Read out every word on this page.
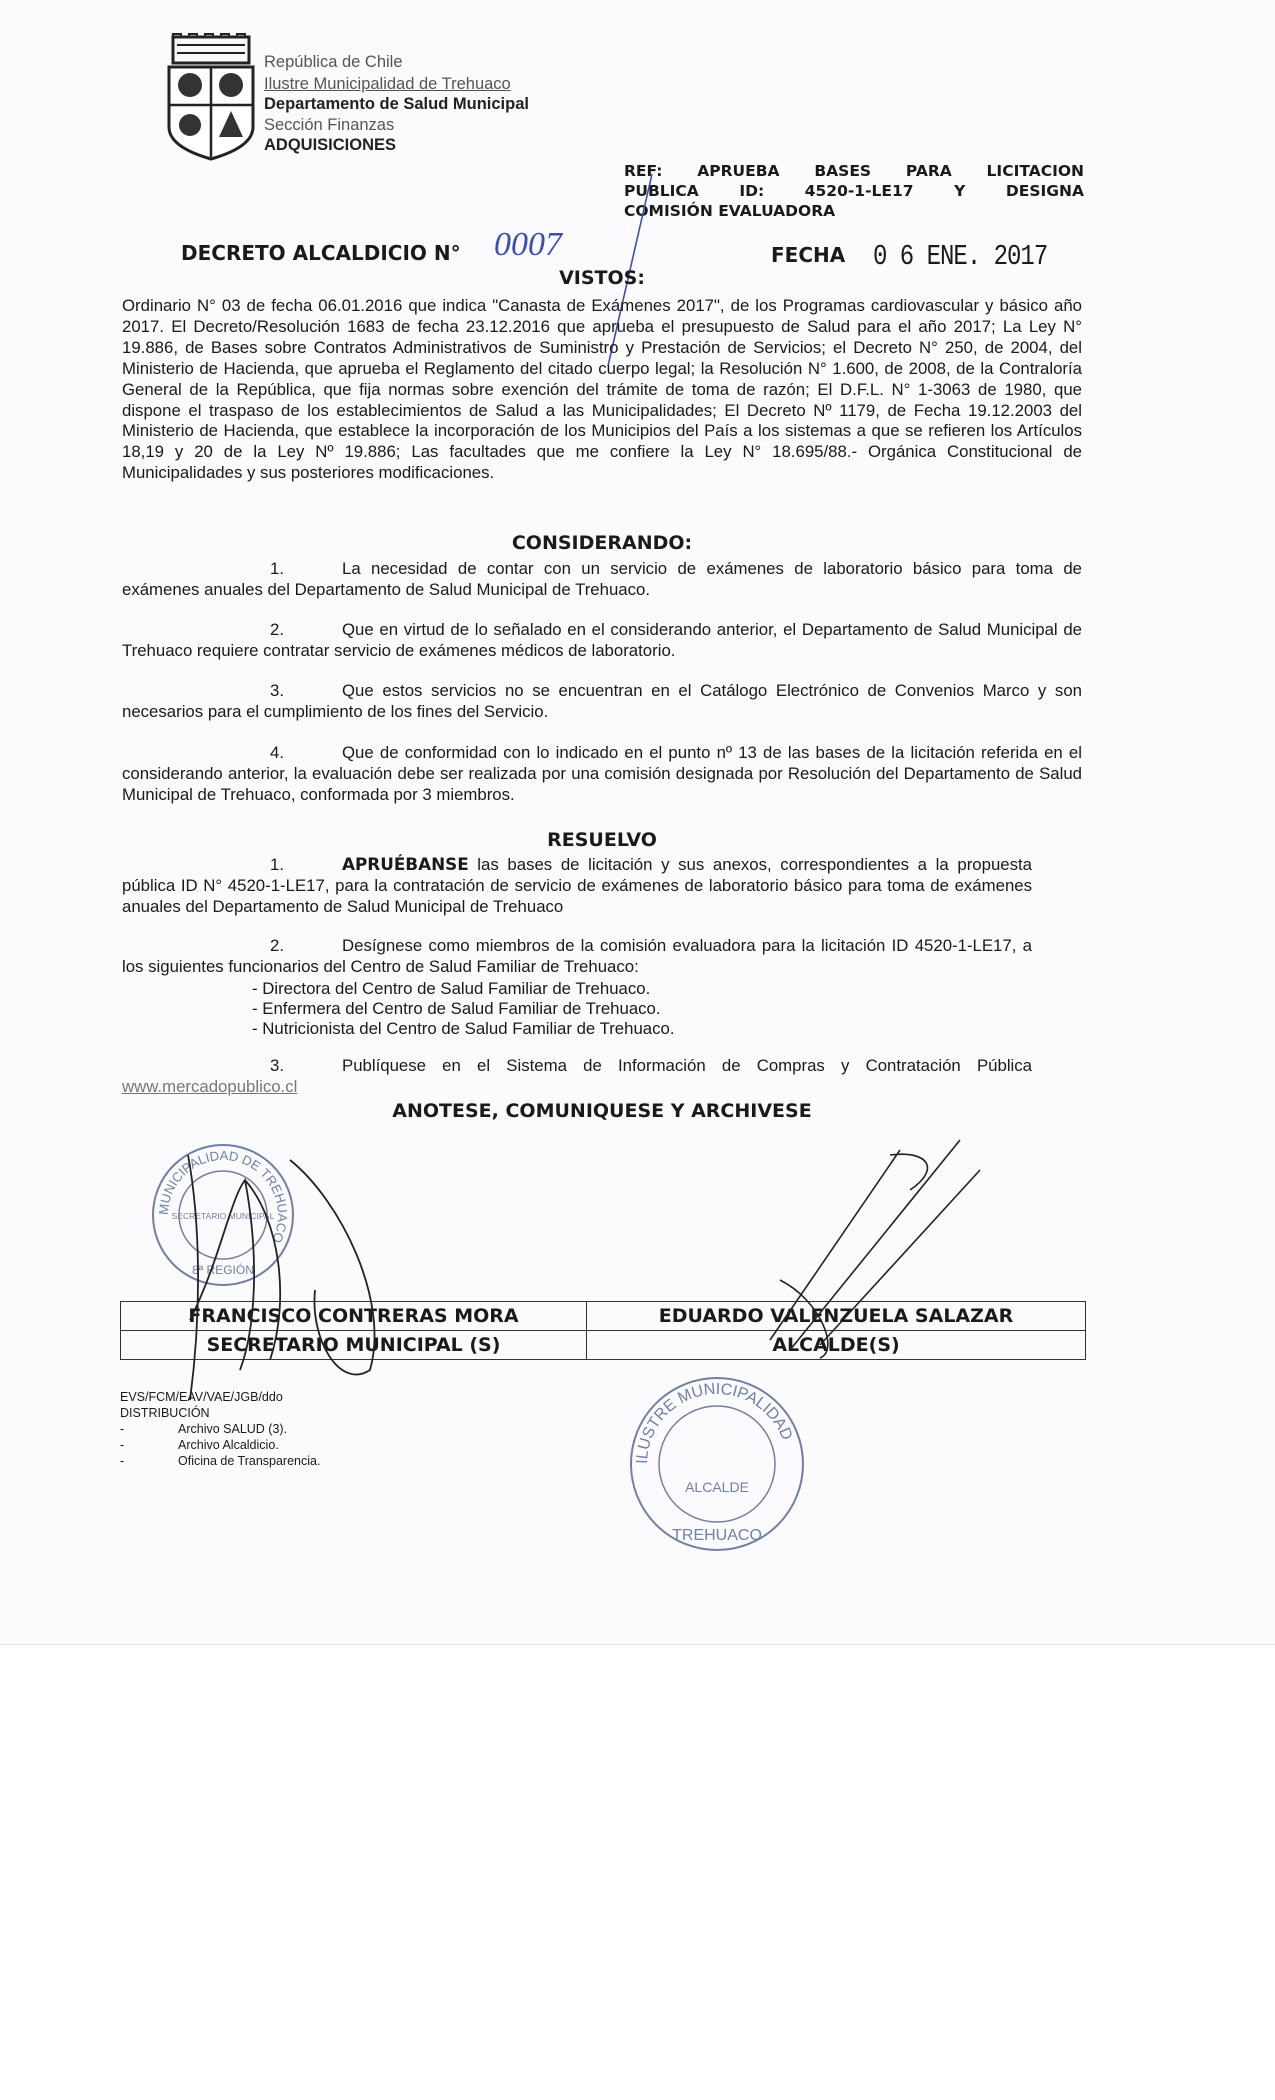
República de Chile
Ilustre Municipalidad de Trehuaco
Departamento de Salud Municipal
Sección Finanzas
ADQUISICIONES
REF: APRUEBA BASES PARA LICITACION
PUBLICA ID: 4520-1-LE17 Y DESIGNA
COMISIÓN EVALUADORA
DECRETO ALCALDICIO N° 0007	FECHA 0 6 ENE. 2017
VISTOS:
Ordinario N° 03 de fecha 06.01.2016 que indica "Canasta de Exámenes 2017", de los Programas cardiovascular y básico año 2017. El Decreto/Resolución 1683 de fecha 23.12.2016 que aprueba el presupuesto de Salud para el año 2017; La Ley N° 19.886, de Bases sobre Contratos Administrativos de Suministro y Prestación de Servicios; el Decreto N° 250, de 2004, del Ministerio de Hacienda, que aprueba el Reglamento del citado cuerpo legal; la Resolución N° 1.600, de 2008, de la Contraloría General de la República, que fija normas sobre exención del trámite de toma de razón; El D.F.L. N° 1-3063 de 1980, que dispone el traspaso de los establecimientos de Salud a las Municipalidades; El Decreto Nº 1179, de Fecha 19.12.2003 del Ministerio de Hacienda, que establece la incorporación de los Municipios del País a los sistemas a que se refieren los Artículos 18,19 y 20 de la Ley Nº 19.886; Las facultades que me confiere la Ley N° 18.695/88.- Orgánica Constitucional de Municipalidades y sus posteriores modificaciones.
CONSIDERANDO:
1.	La necesidad de contar con un servicio de exámenes de laboratorio básico para toma de exámenes anuales del Departamento de Salud Municipal de Trehuaco.
2.	Que en virtud de lo señalado en el considerando anterior, el Departamento de Salud Municipal de Trehuaco requiere contratar servicio de exámenes médicos de laboratorio.
3.	Que estos servicios no se encuentran en el Catálogo Electrónico de Convenios Marco y son necesarios para el cumplimiento de los fines del Servicio.
4.	Que de conformidad con lo indicado en el punto nº 13 de las bases de la licitación referida en el considerando anterior, la evaluación debe ser realizada por una comisión designada por Resolución del Departamento de Salud Municipal de Trehuaco, conformada por 3 miembros.
RESUELVO
1.	APRUÉBANSE las bases de licitación y sus anexos, correspondientes a la propuesta pública ID N° 4520-1-LE17, para la contratación de servicio de exámenes de laboratorio básico para toma de exámenes anuales del Departamento de Salud Municipal de Trehuaco
2.	Desígnese como miembros de la comisión evaluadora para la licitación ID 4520-1-LE17, a los siguientes funcionarios del Centro de Salud Familiar de Trehuaco:
- Directora del Centro de Salud Familiar de Trehuaco.
- Enfermera del Centro de Salud Familiar de Trehuaco.
- Nutricionista del Centro de Salud Familiar de Trehuaco.
3.	Publíquese en el Sistema de Información de Compras y Contratación Pública
www.mercadopublico.cl
ANOTESE, COMUNIQUESE Y ARCHIVESE
MUNICIPALIDAD DE TREHUACO
SECRETARIO MUNICIPAL
8ª REGIÓN
ILUSTRE MUNICIPALIDAD
ALCALDE
TREHUACO
FRANCISCO CONTRERAS MORA	EDUARDO VALENZUELA SALAZAR
SECRETARIO MUNICIPAL (S)	ALCALDE(S)
EVS/FCM/EAV/VAE/JGB/ddo
DISTRIBUCIÓN
-	Archivo SALUD (3).
-	Archivo Alcaldicio.
-	Oficina de Transparencia.
